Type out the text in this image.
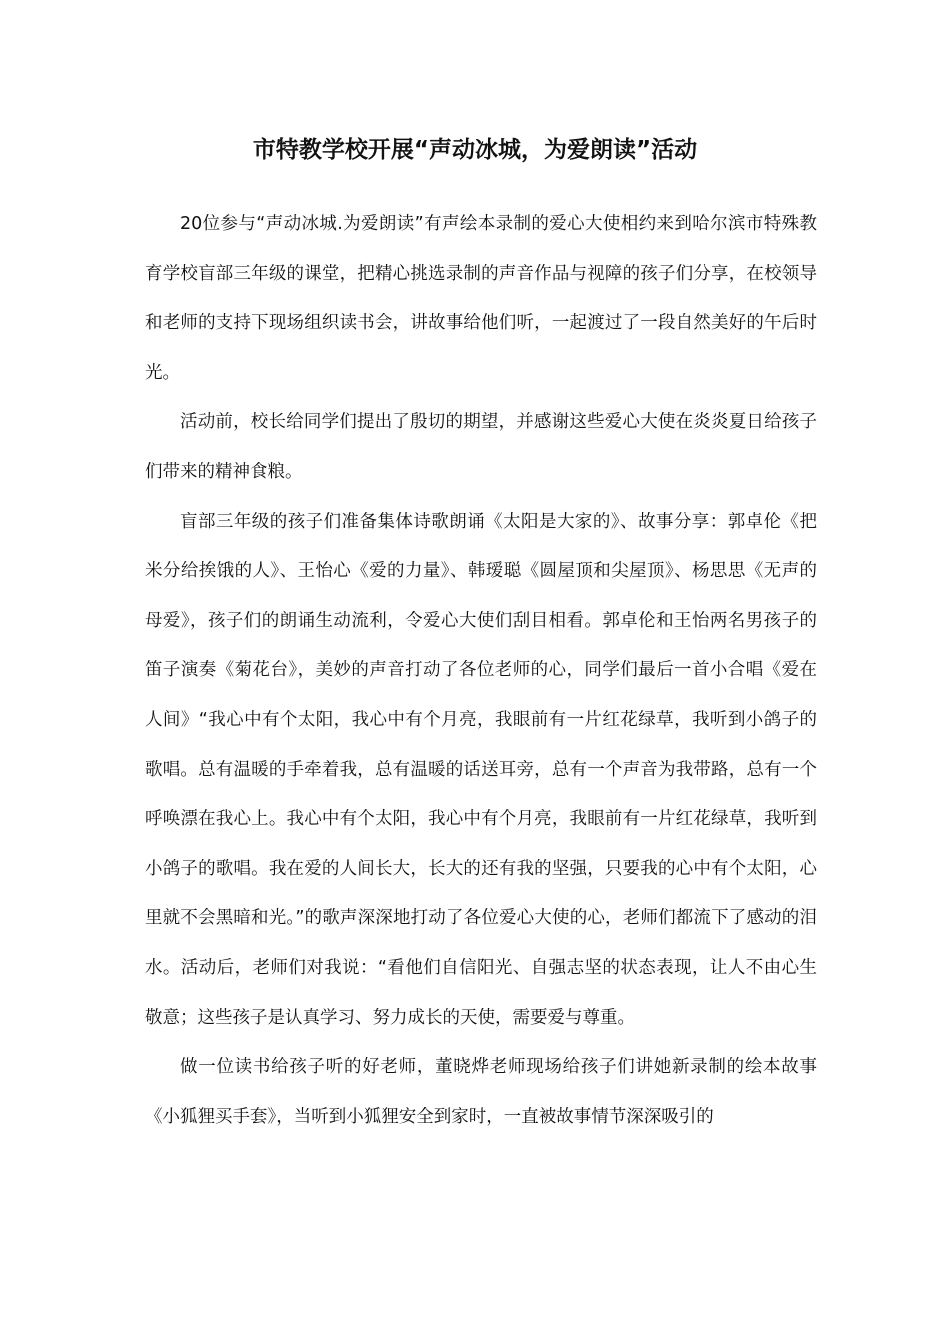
市特教学校开展“声动冰城，为爱朗读”活动

20位参与“声动冰城.为爱朗读”有声绘本录制的爱心大使相约来到哈尔滨市特殊教育学校盲部三年级的课堂，把精心挑选录制的声音作品与视障的孩子们分享，在校领导和老师的支持下现场组织读书会，讲故事给他们听，一起渡过了一段自然美好的午后时光。

活动前，校长给同学们提出了殷切的期望，并感谢这些爱心大使在炎炎夏日给孩子们带来的精神食粮。

盲部三年级的孩子们准备集体诗歌朗诵《太阳是大家的》、故事分享：郭卓伦《把米分给挨饿的人》、王怡心《爱的力量》、韩瑷聪《圆屋顶和尖屋顶》、杨思思《无声的母爱》，孩子们的朗诵生动流利，令爱心大使们刮目相看。郭卓伦和王怡两名男孩子的笛子演奏《菊花台》，美妙的声音打动了各位老师的心，同学们最后一首小合唱《爱在人间》“我心中有个太阳，我心中有个月亮，我眼前有一片红花绿草，我听到小鸽子的歌唱。总有温暖的手牵着我，总有温暖的话送耳旁，总有一个声音为我带路，总有一个呼唤漂在我心上。我心中有个太阳，我心中有个月亮，我眼前有一片红花绿草，我听到小鸽子的歌唱。我在爱的人间长大，长大的还有我的坚强，只要我的心中有个太阳，心里就不会黑暗和光。”的歌声深深地打动了各位爱心大使的心，老师们都流下了感动的泪水。活动后，老师们对我说：“看他们自信阳光、自强志坚的状态表现，让人不由心生敬意；这些孩子是认真学习、努力成长的天使，需要爱与尊重。

做一位读书给孩子听的好老师，董晓烨老师现场给孩子们讲她新录制的绘本故事《小狐狸买手套》，当听到小狐狸安全到家时，一直被故事情节深深吸引的
